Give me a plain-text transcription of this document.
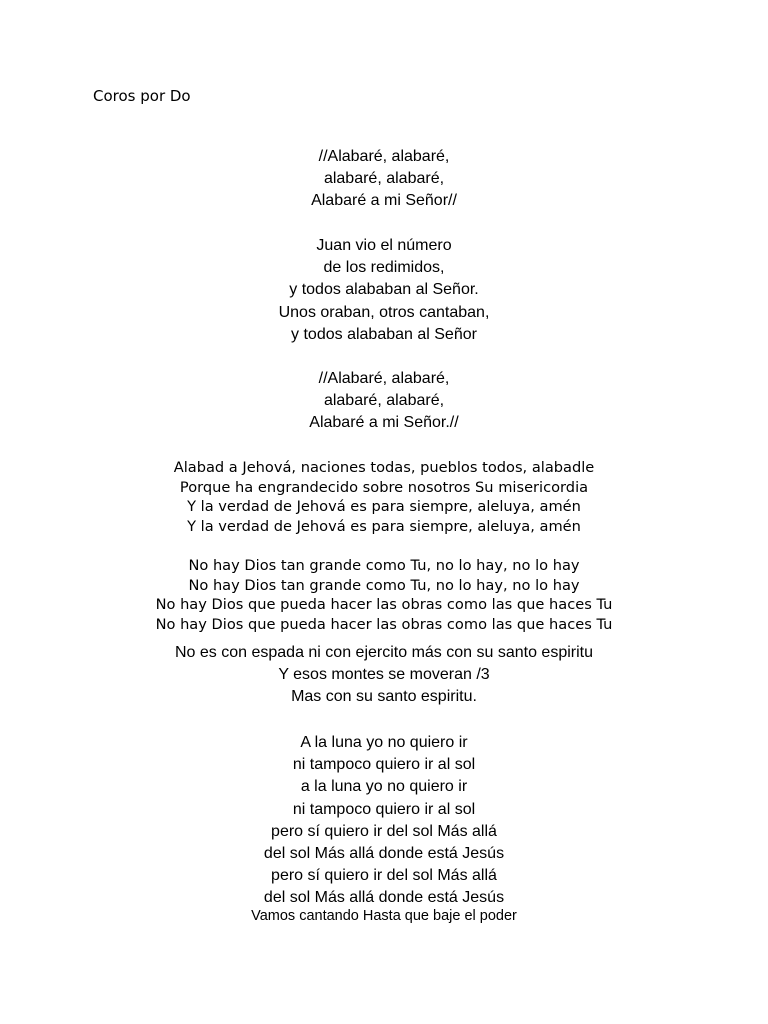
Coros por Do
//Alabaré, alabaré,
alabaré, alabaré,
Alabaré a mi Señor//
Juan vio el número
de los redimidos,
y todos alababan al Señor.
Unos oraban, otros cantaban,
y todos alababan al Señor
//Alabaré, alabaré,
alabaré, alabaré,
Alabaré a mi Señor.//
Alabad a Jehová, naciones todas, pueblos todos, alabadle
Porque ha engrandecido sobre nosotros Su misericordia
Y la verdad de Jehová es para siempre, aleluya, amén
Y la verdad de Jehová es para siempre, aleluya, amén
No hay Dios tan grande como Tu, no lo hay, no lo hay
No hay Dios tan grande como Tu, no lo hay, no lo hay
No hay Dios que pueda hacer las obras como las que haces Tu
No hay Dios que pueda hacer las obras como las que haces Tu
No es con espada ni con ejercito más con su santo espiritu
Y esos montes se moveran /3
Mas con su santo espiritu.
A la luna yo no quiero ir
ni tampoco quiero ir al sol
a la luna yo no quiero ir
ni tampoco quiero ir al sol
pero sí quiero ir del sol Más allá
del sol Más allá donde está Jesús
pero sí quiero ir del sol Más allá
del sol Más allá donde está Jesús
Vamos cantando Hasta que baje el poder
